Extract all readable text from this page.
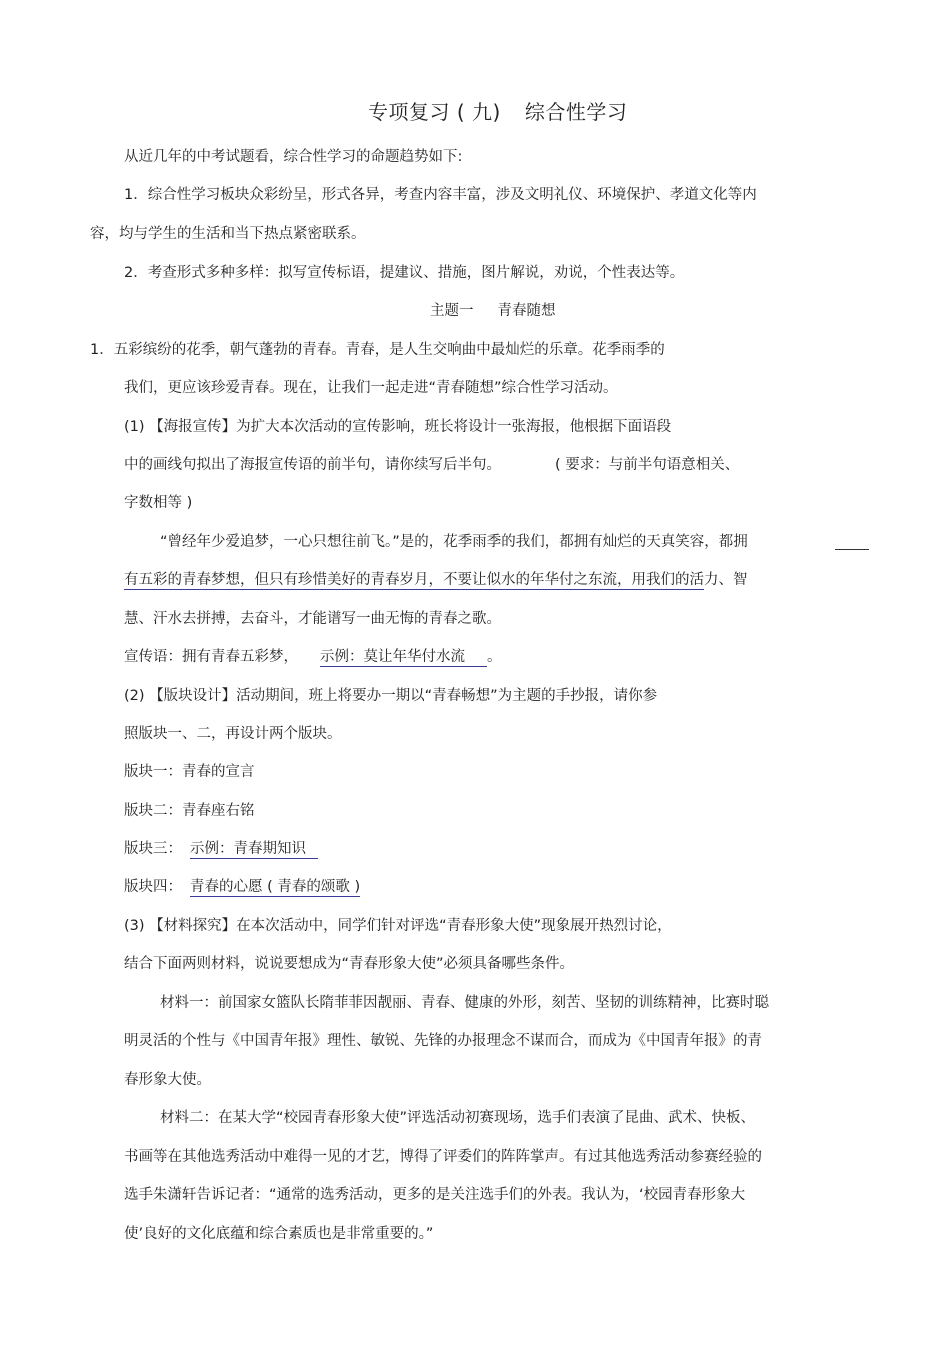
专项复习 ( 九) 综合性学习
从近几年的中考试题看，综合性学习的命题趋势如下:
1．综合性学习板块众彩纷呈，形式各异，考查内容丰富，涉及文明礼仪、环境保护、孝道文化等内
容，均与学生的生活和当下热点紧密联系。
2．考查形式多种多样：拟写宣传标语，提建议、措施，图片解说，劝说，个性表达等。
主题一 青春随想
1．五彩缤纷的花季，朝气蓬勃的青春。青春，是人生交响曲中最灿烂的乐章。花季雨季的
我们，更应该珍爱青春。现在，让我们一起走进“青春随想”综合性学习活动。
(1) 【海报宣传】为扩大本次活动的宣传影响，班长将设计一张海报，他根据下面语段
中的画线句拟出了海报宣传语的前半句，请你续写后半句。	( 要求：与前半句语意相关、
字数相等 )
“曾经年少爱追梦，一心只想往前飞。”是的，花季雨季的我们，都拥有灿烂的天真笑容，都拥
有五彩的青春梦想，但只有珍惜美好的青春岁月，不要让似水的年华付之东流，用我们的活力、智
慧、汗水去拼搏，去奋斗，才能谱写一曲无悔的青春之歌。
宣传语：拥有青春五彩梦， 示例：莫让年华付水流 。
(2) 【版块设计】活动期间，班上将要办一期以“青春畅想”为主题的手抄报，请你参
照版块一、二，再设计两个版块。
版块一：青春的宣言
版块二：青春座右铭
版块三： 示例：青春期知识
版块四： 青春的心愿 ( 青春的颂歌 )
(3) 【材料探究】在本次活动中，同学们针对评选“青春形象大使”现象展开热烈讨论，
结合下面两则材料，说说要想成为“青春形象大使”必须具备哪些条件。
材料一：前国家女篮队长隋菲菲因靓丽、青春、健康的外形，刻苦、坚韧的训练精神，比赛时聪
明灵活的个性与《中国青年报》理性、敏锐、先锋的办报理念不谋而合，而成为《中国青年报》的青
春形象大使。
材料二：在某大学“校园青春形象大使”评选活动初赛现场，选手们表演了昆曲、武术、快板、
书画等在其他选秀活动中难得一见的才艺，博得了评委们的阵阵掌声。有过其他选秀活动参赛经验的
选手朱潇轩告诉记者：“通常的选秀活动，更多的是关注选手们的外表。我认为，‘校园青春形象大
使’良好的文化底蕴和综合素质也是非常重要的。”
